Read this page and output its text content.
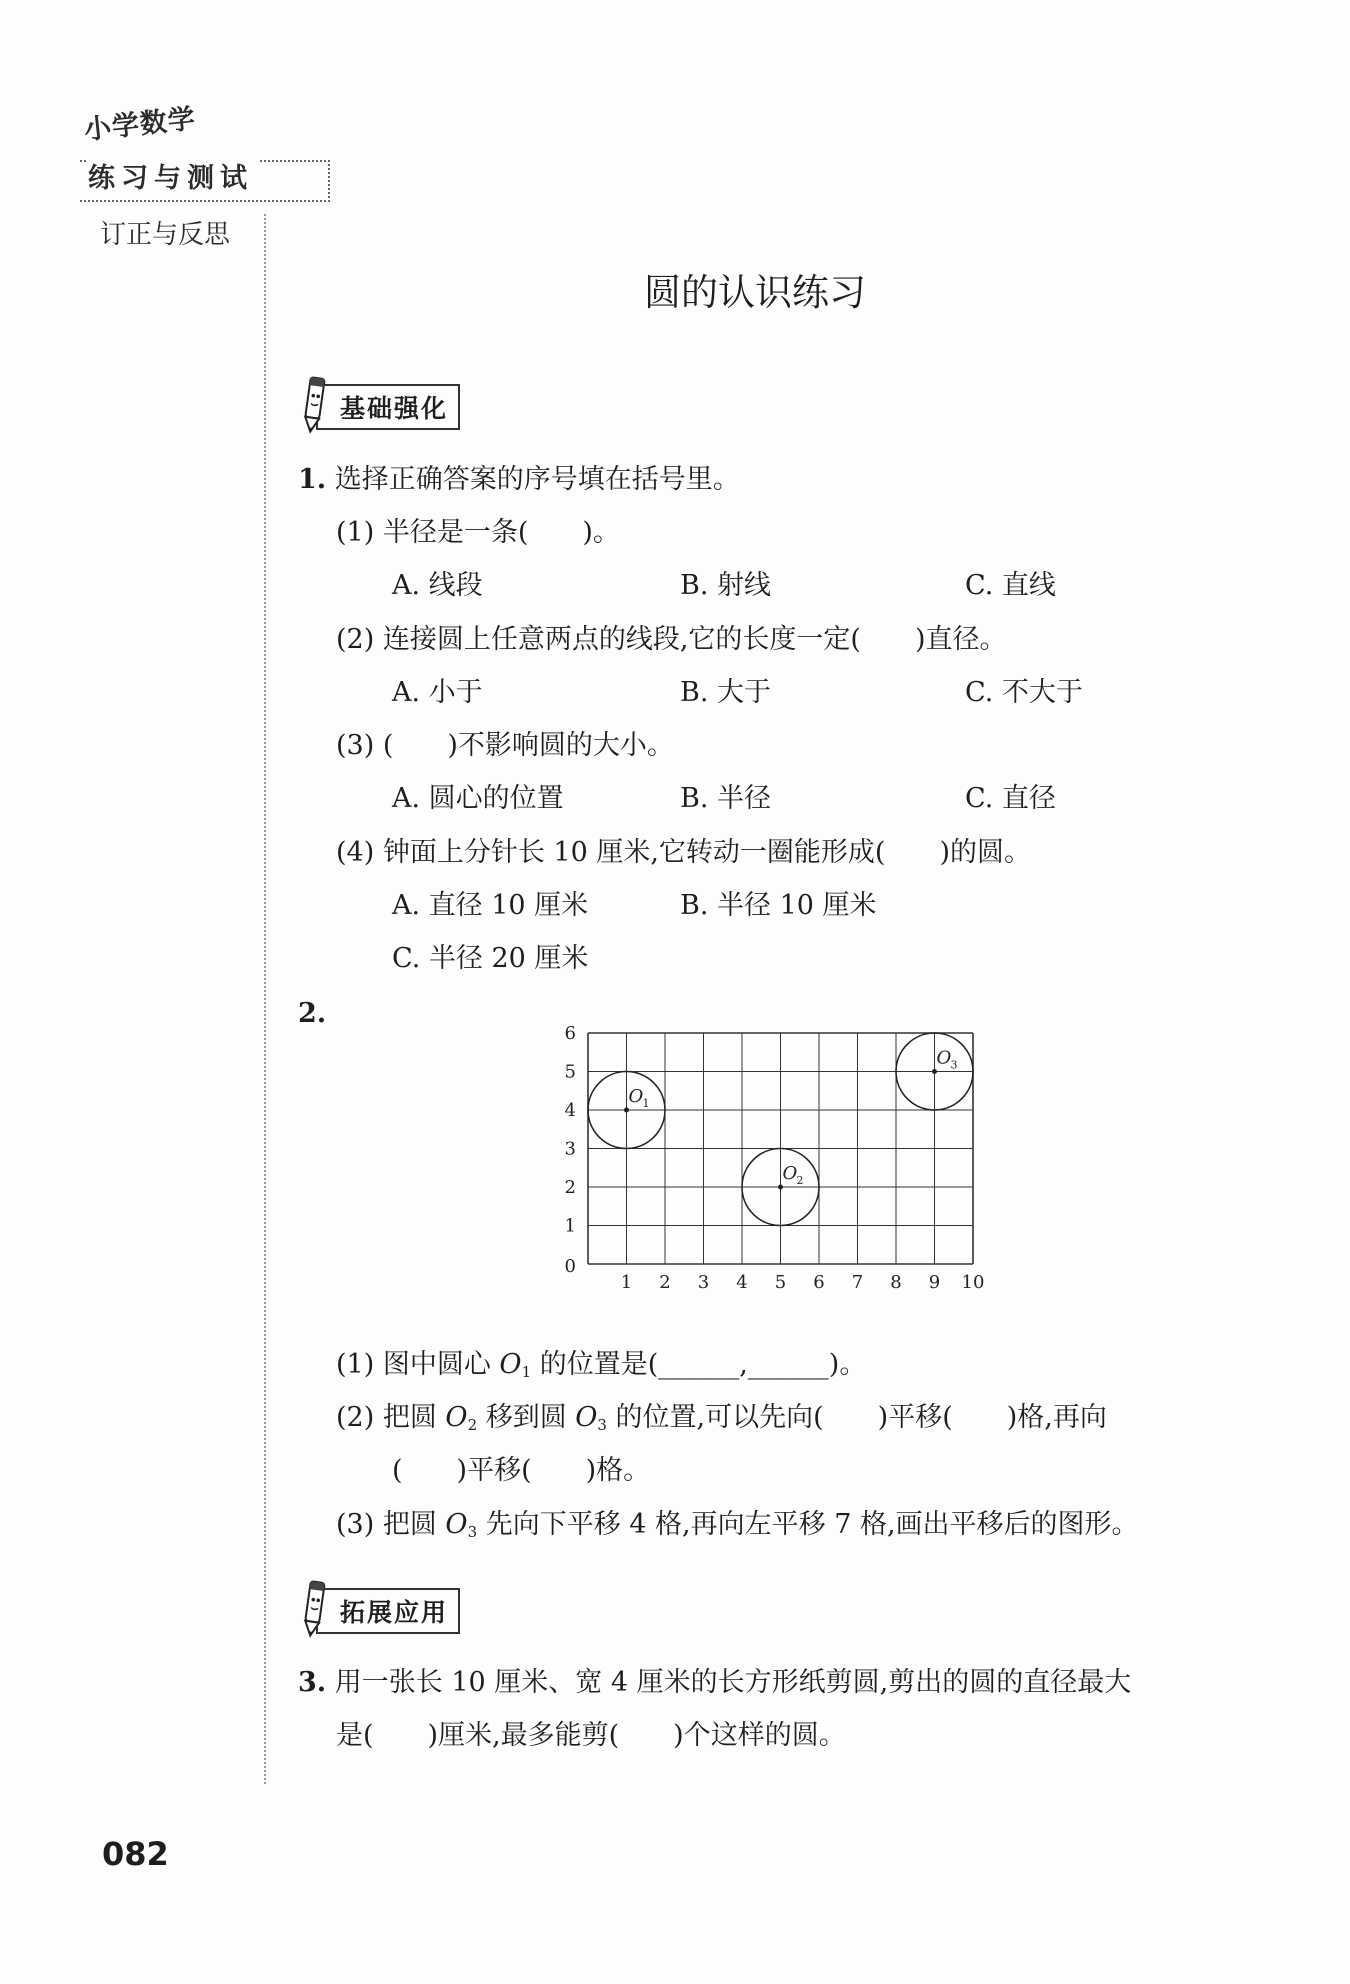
小学数学
练习与测试
订正与反思
082
圆的认识练习
基础强化
1. 选择正确答案的序号填在括号里。
(1) 半径是一条(　　)。
A. 线段	B. 射线	C. 直线
(2) 连接圆上任意两点的线段,它的长度一定(　　)直径。
A. 小于	B. 大于	C. 不大于
(3) (　　)不影响圆的大小。
A. 圆心的位置	B. 半径	C. 直径
(4) 钟面上分针长 10 厘米,它转动一圈能形成(　　)的圆。
A. 直径 10 厘米	B. 半径 10 厘米
C. 半径 20 厘米
2.
1 2 3 4 5 6 7 8 9 10
0
1
2
3
4
5
6
O 1
O 2
O 3
(1) 图中圆心 $O_1$ 的位置是(______,______)。
(2) 把圆 $O_2$ 移到圆 $O_3$ 的位置,可以先向(　　)平移(　　)格,再向
(　　)平移(　　)格。
(3) 把圆 $O_3$ 先向下平移 4 格,再向左平移 7 格,画出平移后的图形。
拓展应用
3. 用一张长 10 厘米、宽 4 厘米的长方形纸剪圆,剪出的圆的直径最大
是(　　)厘米,最多能剪(　　)个这样的圆。
